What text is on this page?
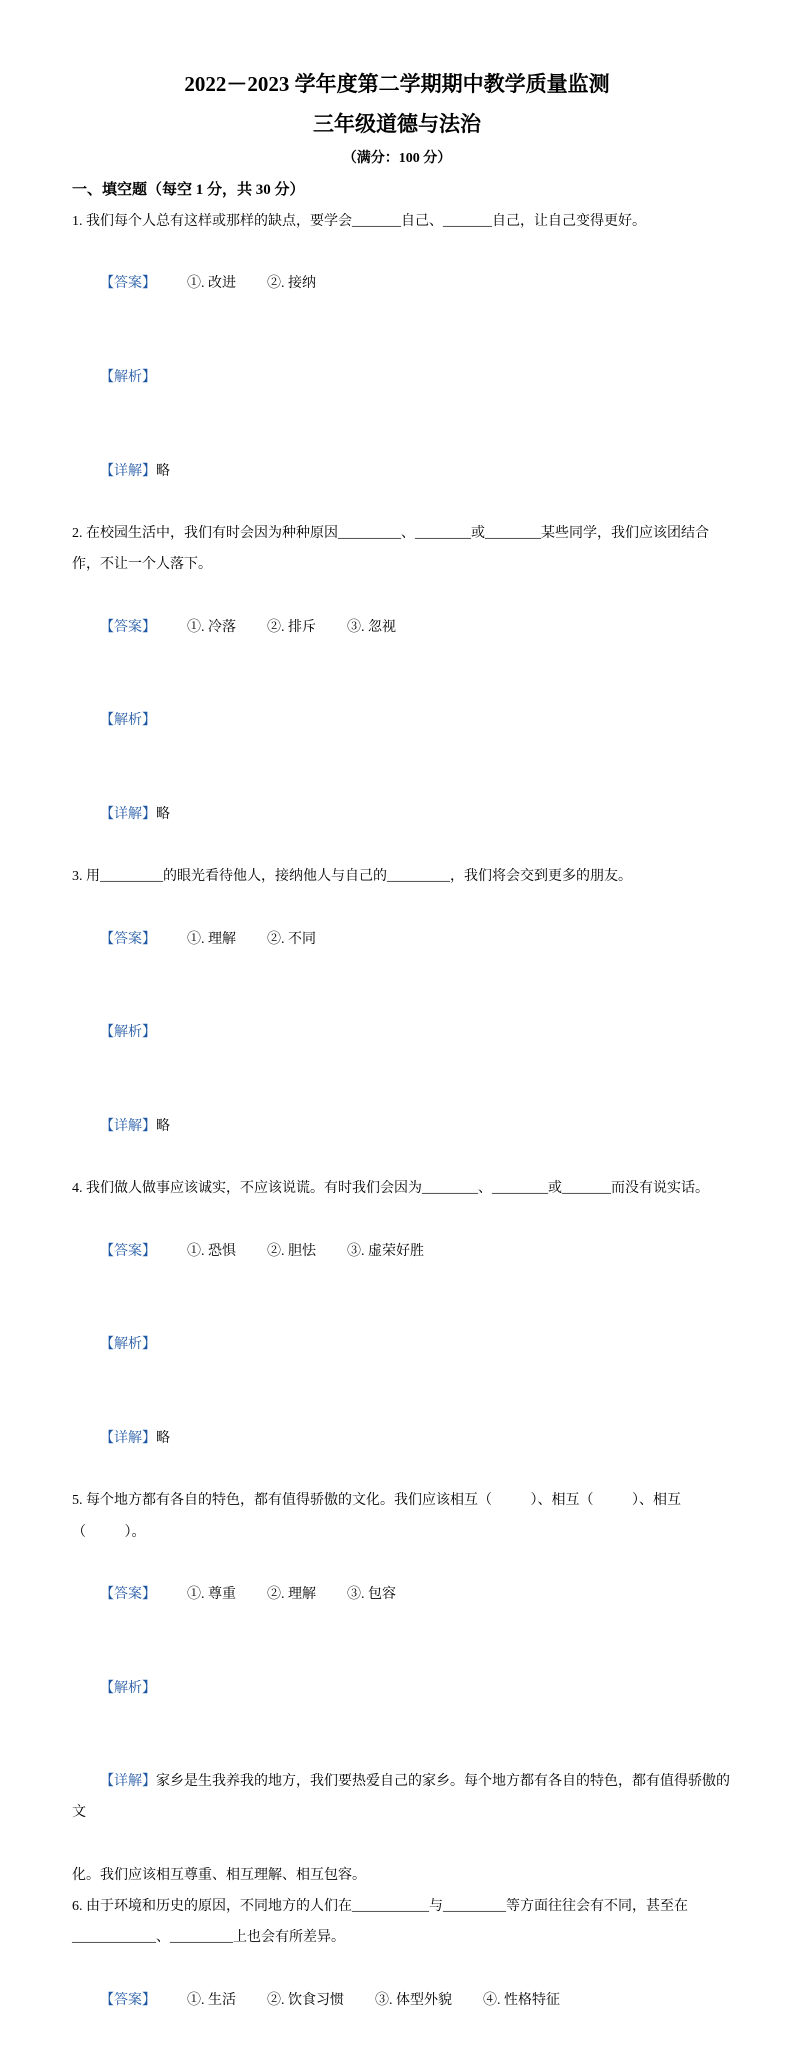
2022－2023 学年度第二学期期中教学质量监测
三年级道德与法治
（满分：100 分）
一、填空题（每空 1 分，共 30 分）
1. 我们每个人总有这样或那样的缺点，要学会_______自己、_______自己，让自己变得更好。

【答案】 ①. 改进 ②. 接纳

【解析】

【详解】略

2. 在校园生活中，我们有时会因为种种原因_________、________或________某些同学，我们应该团结合
作，不让一个人落下。

【答案】 ①. 冷落 ②. 排斥 ③. 忽视

【解析】

【详解】略

3. 用_________的眼光看待他人，接纳他人与自己的_________，我们将会交到更多的朋友。

【答案】 ①. 理解 ②. 不同

【解析】

【详解】略

4. 我们做人做事应该诚实，不应该说谎。有时我们会因为________、________或_______而没有说实话。

【答案】 ①. 恐惧 ②. 胆怯 ③. 虚荣好胜

【解析】

【详解】略

5. 每个地方都有各自的特色，都有值得骄傲的文化。我们应该相互（           ）、相互（           ）、相互
（           ）。

【答案】 ①. 尊重 ②. 理解 ③. 包容

【解析】

【详解】家乡是生我养我的地方，我们要热爱自己的家乡。每个地方都有各自的特色，都有值得骄傲的文

化。我们应该相互尊重、相互理解、相互包容。
6. 由于环境和历史的原因，不同地方的人们在___________与_________等方面往往会有不同，甚至在
____________、_________上也会有所差异。

【答案】 ①. 生活 ②. 饮食习惯 ③. 体型外貌 ④. 性格特征
